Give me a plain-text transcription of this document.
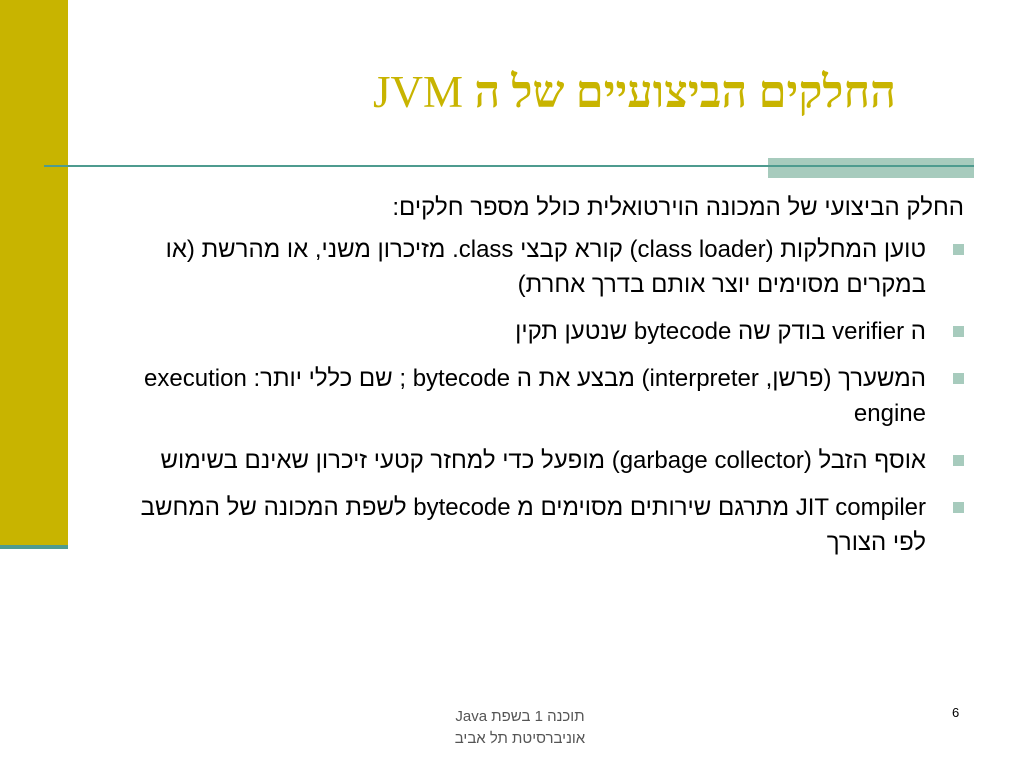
החלקים הביצועיים של ה JVM

החלק הביצועי של המכונה הוירטואלית כולל מספר חלקים:

טוען המחלקות (class loader) קורא קבצי class. מזיכרון משני, או מהרשת (או במקרים מסוימים יוצר אותם בדרך אחרת)
ה verifier בודק שה bytecode שנטען תקין
המשערך (פרשן, interpreter) מבצע את ה bytecode ; שם כללי יותר: execution engine
אוסף הזבל (garbage collector) מופעל כדי למחזר קטעי זיכרון שאינם בשימוש
JIT compiler מתרגם שירותים מסוימים מ bytecode לשפת המכונה של המחשב לפי הצורך
תוכנה 1 בשפת Java
אוניברסיטת תל אביב
6
